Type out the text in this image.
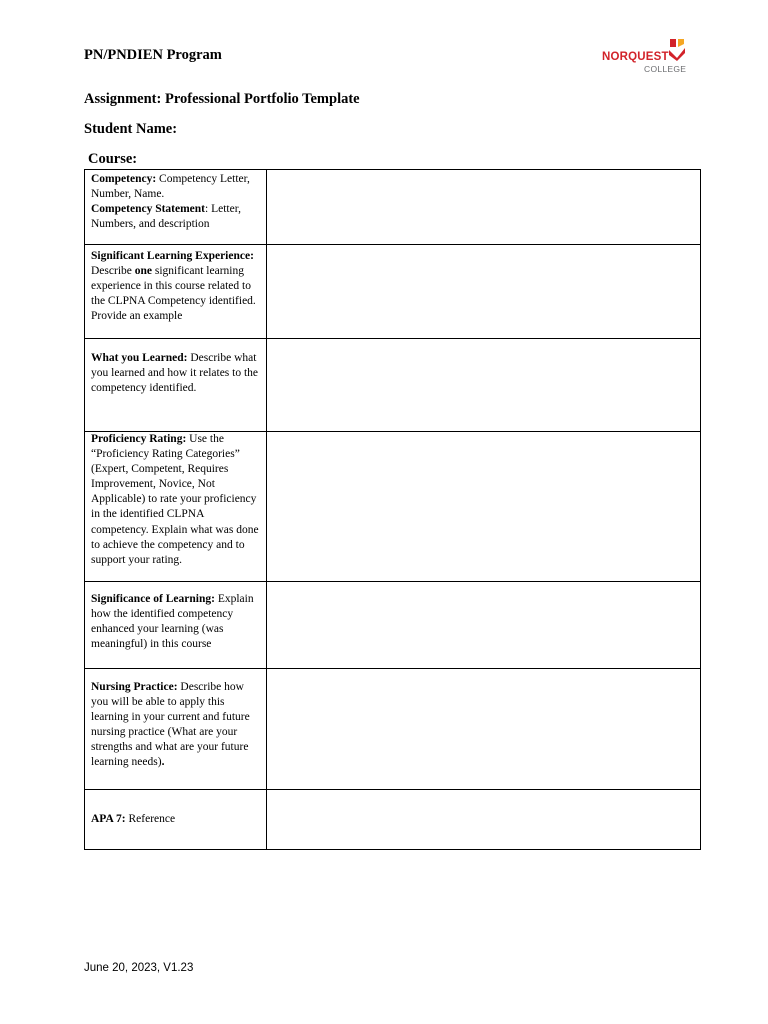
PN/PNDIEN Program	NORQUEST
COLLEGE
Assignment: Professional Portfolio Template
Student Name:
Course:
Competency: Competency Letter, Number, Name.
Competency Statement: Letter, Numbers, and description	
Significant Learning Experience: Describe one significant learning experience in this course related to the CLPNA Competency identified. Provide an example	
What you Learned: Describe what you learned and how it relates to the competency identified.	
Proficiency Rating: Use the “Proficiency Rating Categories” (Expert, Competent, Requires Improvement, Novice, Not Applicable) to rate your proficiency in the identified CLPNA competency. Explain what was done to achieve the competency and to
support your rating.	
Significance of Learning: Explain how the identified competency enhanced your learning (was meaningful) in this course	
Nursing Practice: Describe how you will be able to apply this learning in your current and future nursing practice (What are your strengths and what are your future learning needs).	
APA 7: Reference	
June 20, 2023, V1.23
